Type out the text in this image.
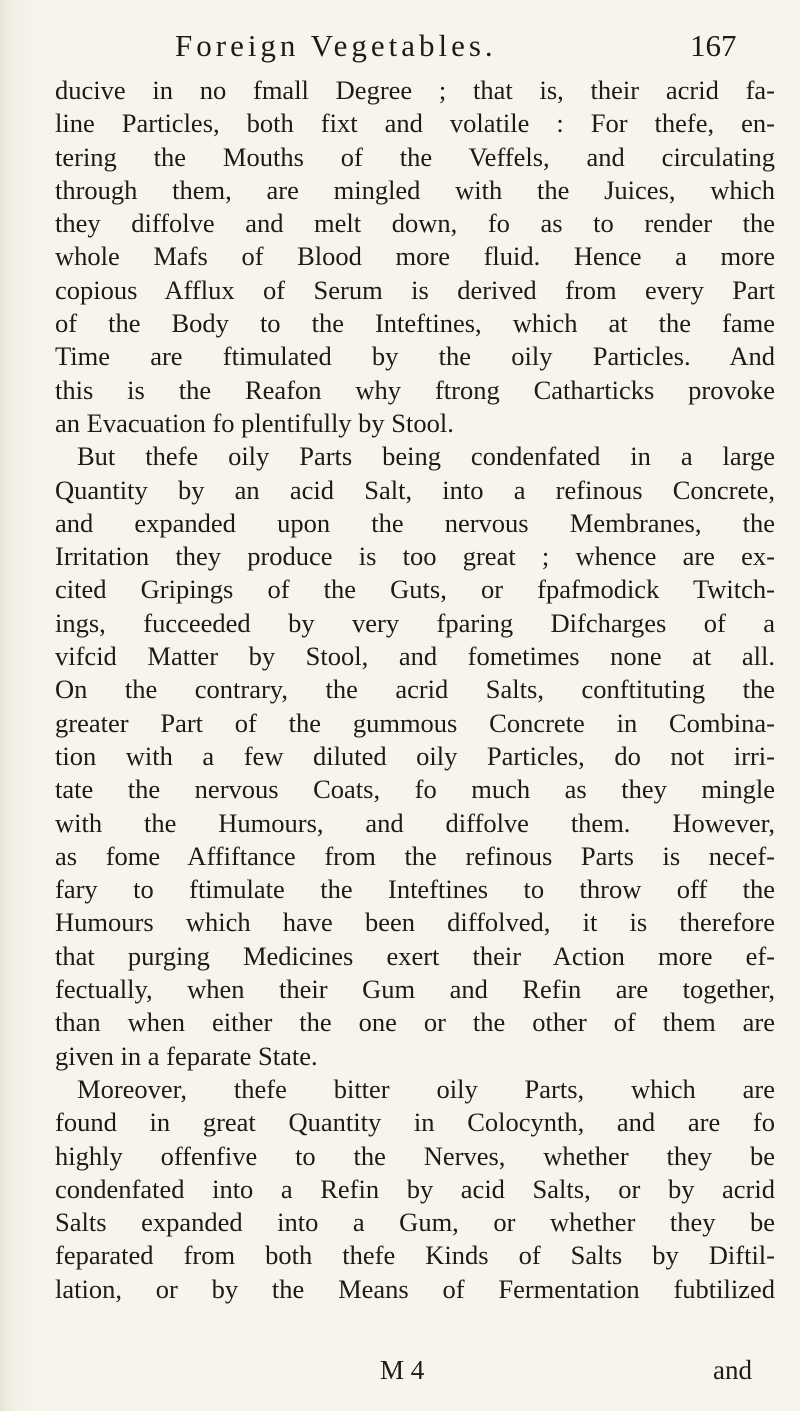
Foreign Vegetables.	167
ducive in no fmall Degree ; that is, their acrid fa-
line Particles, both fixt and volatile : For thefe, en-
tering the Mouths of the Veffels, and circulating
through them, are mingled with the Juices, which
they diffolve and melt down, fo as to render the
whole Mafs of Blood more fluid. Hence a more
copious Afflux of Serum is derived from every Part
of the Body to the Inteftines, which at the fame
Time are ftimulated by the oily Particles. And
this is the Reafon why ftrong Catharticks provoke
an Evacuation fo plentifully by Stool.
But thefe oily Parts being condenfated in a large
Quantity by an acid Salt, into a refinous Concrete,
and expanded upon the nervous Membranes, the
Irritation they produce is too great ; whence are ex-
cited Gripings of the Guts, or fpafmodick Twitch-
ings, fucceeded by very fparing Difcharges of a
vifcid Matter by Stool, and fometimes none at all.
On the contrary, the acrid Salts, conftituting the
greater Part of the gummous Concrete in Combina-
tion with a few diluted oily Particles, do not irri-
tate the nervous Coats, fo much as they mingle
with the Humours, and diffolve them. However,
as fome Affiftance from the refinous Parts is necef-
fary to ftimulate the Inteftines to throw off the
Humours which have been diffolved, it is therefore
that purging Medicines exert their Action more ef-
fectually, when their Gum and Refin are together,
than when either the one or the other of them are
given in a feparate State.
Moreover, thefe bitter oily Parts, which are
found in great Quantity in Colocynth, and are fo
highly offenfive to the Nerves, whether they be
condenfated into a Refin by acid Salts, or by acrid
Salts expanded into a Gum, or whether they be
feparated from both thefe Kinds of Salts by Diftil-
lation, or by the Means of Fermentation fubtilized
M 4	and
